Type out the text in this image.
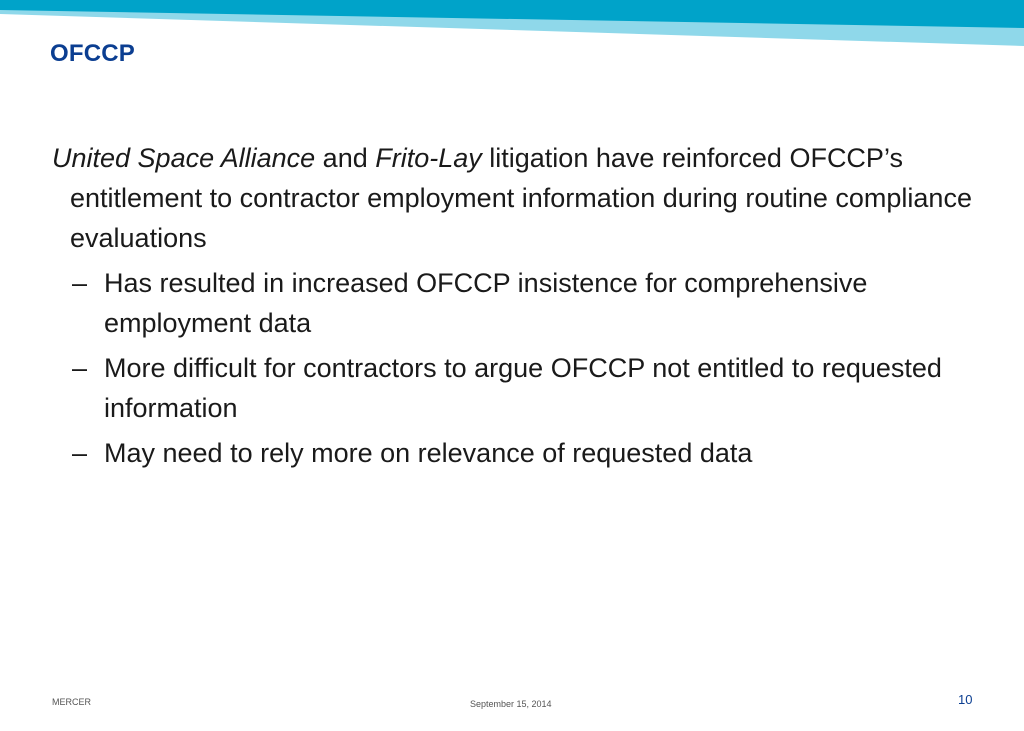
OFCCP

United Space Alliance and Frito-Lay litigation have reinforced OFCCP’s entitlement to contractor employment information during routine compliance evaluations

– Has resulted in increased OFCCP insistence for comprehensive employment data
– More difficult for contractors to argue OFCCP not entitled to requested information
– May need to rely more on relevance of requested data
MERCER	September 15, 2014	10
